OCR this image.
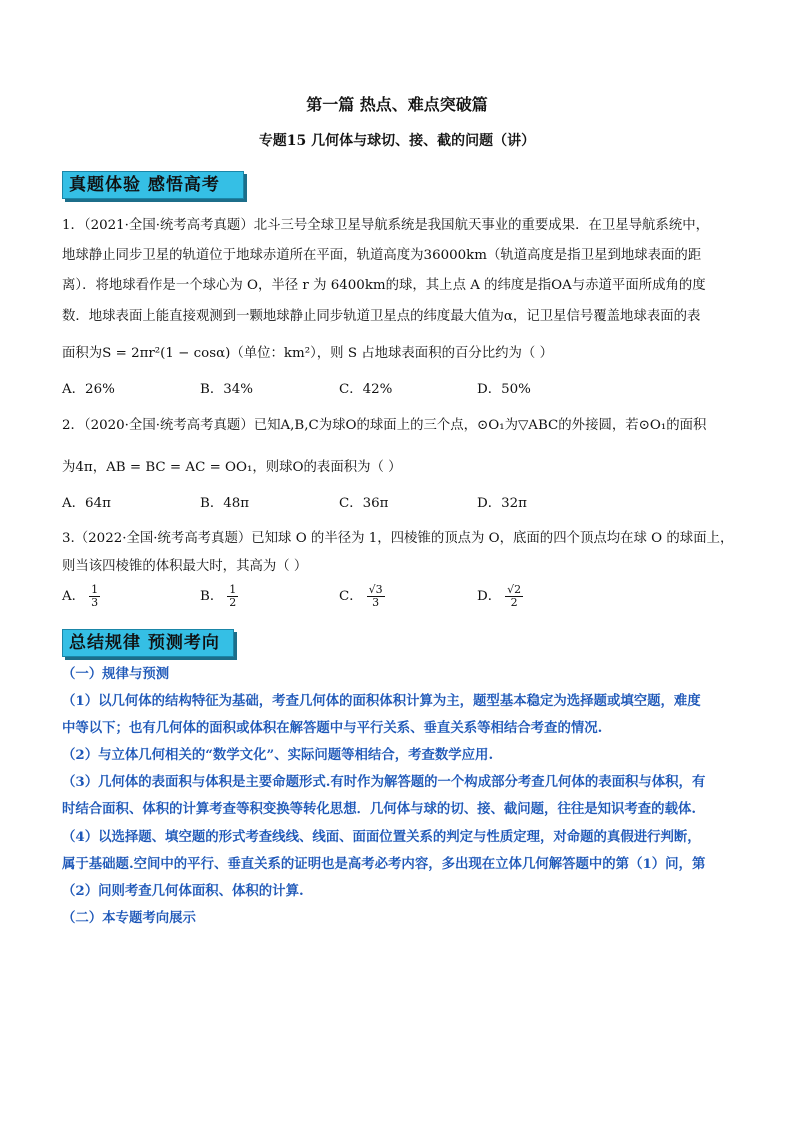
第一篇 热点、难点突破篇
专题15 几何体与球切、接、截的问题（讲）
真题体验 感悟高考
1．（2021·全国·统考高考真题）北斗三号全球卫星导航系统是我国航天事业的重要成果．在卫星导航系统中，
地球静止同步卫星的轨道位于地球赤道所在平面，轨道高度为36000km（轨道高度是指卫星到地球表面的距
离）．将地球看作是一个球心为 O，半径 r 为 6400km的球，其上点 A 的纬度是指OA与赤道平面所成角的度
数．地球表面上能直接观测到一颗地球静止同步轨道卫星点的纬度最大值为α，记卫星信号覆盖地球表面的表
面积为S = 2πr²(1 − cosα)（单位：km²），则 S 占地球表面积的百分比约为（ ）
A．26%	B．34%	C．42%	D．50%
2．（2020·全国·统考高考真题）已知A,B,C为球O的球面上的三个点，⊙O₁为▽ABC的外接圆，若⊙O₁的面积
为4π，AB = BC = AC = OO₁，则球O的表面积为（ ）
A．64π	B．48π	C．36π	D．32π
3.（2022·全国·统考高考真题）已知球 O 的半径为 1，四棱锥的顶点为 O，底面的四个顶点均在球 O 的球面上，
则当该四棱锥的体积最大时，其高为（ ）
A． $\frac{1}{3}$	B． $\frac{1}{2}$	C． $\frac{√3}{3}$	D． $\frac{√2}{2}$
总结规律 预测考向
（一）规律与预测
（1）以几何体的结构特征为基础，考查几何体的面积体积计算为主，题型基本稳定为选择题或填空题，难度
中等以下；也有几何体的面积或体积在解答题中与平行关系、垂直关系等相结合考查的情况.
（2）与立体几何相关的“数学文化”、实际问题等相结合，考查数学应用.
（3）几何体的表面积与体积是主要命题形式.有时作为解答题的一个构成部分考查几何体的表面积与体积，有
时结合面积、体积的计算考查等积变换等转化思想．几何体与球的切、接、截问题，往往是知识考查的载体.
（4）以选择题、填空题的形式考查线线、线面、面面位置关系的判定与性质定理，对命题的真假进行判断，
属于基础题.空间中的平行、垂直关系的证明也是高考必考内容，多出现在立体几何解答题中的第（1）问，第
（2）问则考查几何体面积、体积的计算.
（二）本专题考向展示
